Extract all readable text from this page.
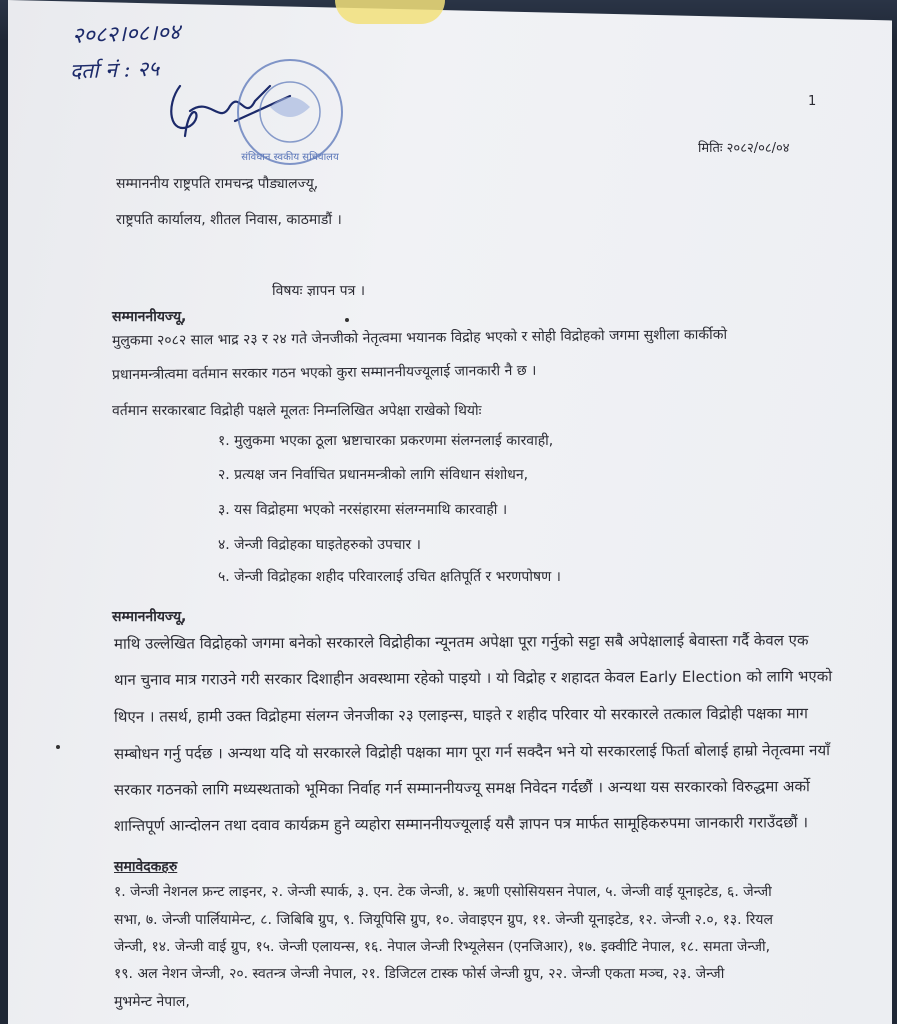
२०८२।०८।०४
दर्ता नं : २५
संविधान स्वकीय सचिवालय
1
मितिः २०८२/०८/०४
सम्माननीय राष्ट्रपति रामचन्द्र पौड्यालज्यू,
राष्ट्रपति कार्यालय, शीतल निवास, काठमाडौं ।
विषयः ज्ञापन पत्र ।
सम्माननीयज्यू,
मुलुकमा २०८२ साल भाद्र २३ र २४ गते जेनजीको नेतृत्वमा भयानक विद्रोह भएको र सोही विद्रोहको जगमा सुशीला कार्कीको
प्रधानमन्त्रीत्वमा वर्तमान सरकार गठन भएको कुरा सम्माननीयज्यूलाई जानकारी नै छ ।
वर्तमान सरकारबाट विद्रोही पक्षले मूलतः निम्नलिखित अपेक्षा राखेको थियोः
१. मुलुकमा भएका ठूला भ्रष्टाचारका प्रकरणमा संलग्नलाई कारवाही,
२. प्रत्यक्ष जन निर्वाचित प्रधानमन्त्रीको लागि संविधान संशोधन,
३. यस विद्रोहमा भएको नरसंहारमा संलग्नमाथि कारवाही ।
४. जेन्जी विद्रोहका घाइतेहरुको उपचार ।
५. जेन्जी विद्रोहका शहीद परिवारलाई उचित क्षतिपूर्ति र भरणपोषण ।
सम्माननीयज्यू,
माथि उल्लेखित विद्रोहको जगमा बनेको सरकारले विद्रोहीका न्यूनतम अपेक्षा पूरा गर्नुको सट्टा सबै अपेक्षालाई बेवास्ता गर्दै केवल एक
थान चुनाव मात्र गराउने गरी सरकार दिशाहीन अवस्थामा रहेको पाइयो । यो विद्रोह र शहादत केवल Early Election को लागि भएको
थिएन । तसर्थ, हामी उक्त विद्रोहमा संलग्न जेनजीका २३ एलाइन्स, घाइते र शहीद परिवार यो सरकारले तत्काल विद्रोही पक्षका माग
सम्बोधन गर्नु पर्दछ । अन्यथा यदि यो सरकारले विद्रोही पक्षका माग पूरा गर्न सक्दैन भने यो सरकारलाई फिर्ता बोलाई हाम्रो नेतृत्वमा नयाँ
सरकार गठनको लागि मध्यस्थताको भूमिका निर्वाह गर्न सम्माननीयज्यू समक्ष निवेदन गर्दछौं । अन्यथा यस सरकारको विरुद्धमा अर्को
शान्तिपूर्ण आन्दोलन तथा दवाव कार्यक्रम हुने व्यहोरा सम्माननीयज्यूलाई यसै ज्ञापन पत्र मार्फत सामूहिकरुपमा जानकारी गराउँदछौं ।
समावेदकहरु
१. जेन्जी नेशनल फ्रन्ट लाइनर, २. जेन्जी स्पार्क, ३. एन. टेक जेन्जी, ४. ऋणी एसोसियसन नेपाल, ५. जेन्जी वाई यूनाइटेड, ६. जेन्जी
सभा, ७. जेन्जी पार्लियामेन्ट, ८. जिबिबि ग्रुप, ९. जियूपिसि ग्रुप, १०. जेवाइएन ग्रुप, ११. जेन्जी यूनाइटेड, १२. जेन्जी २.०, १३. रियल
जेन्जी, १४. जेन्जी वाई ग्रुप, १५. जेन्जी एलायन्स, १६. नेपाल जेन्जी रिभ्यूलेसन (एनजिआर), १७. इक्वीटि नेपाल, १८. समता जेन्जी,
१९. अल नेशन जेन्जी, २०. स्वतन्त्र जेन्जी नेपाल, २१. डिजिटल टास्क फोर्स जेन्जी ग्रुप, २२. जेन्जी एकता मञ्च, २३. जेन्जी
मुभमेन्ट नेपाल,
